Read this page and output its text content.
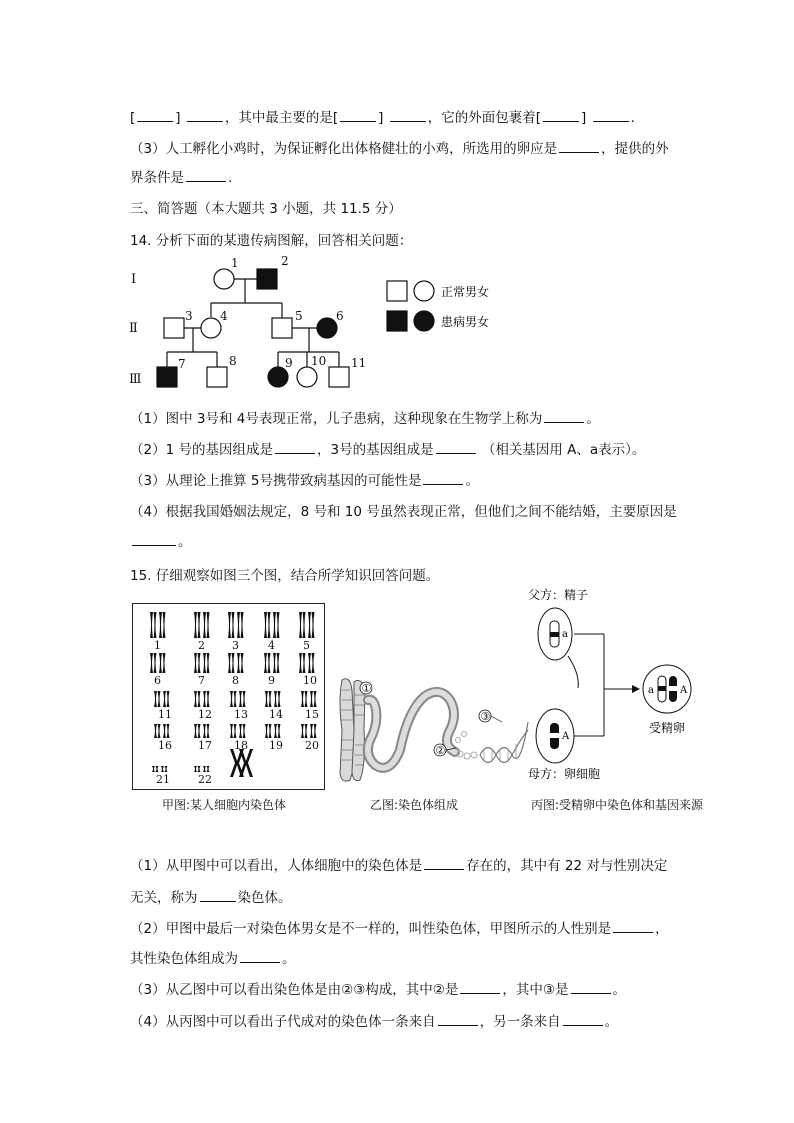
[	]	，其中最主要的是[	]	，它的外面包裹着[	]	.
（3）人工孵化小鸡时，为保证孵化出体格健壮的小鸡，所选用的卵应是	，提供的外
界条件是	.
三、简答题（本大题共 3 小题，共 11.5 分）
14. 分析下面的某遗传病图解，回答相关问题：
I
Ⅱ
Ⅲ
1	2
3 4	5	6
7	8	9 10 11
正常男女
患病男女
（1）图中 3号和 4号表现正常，儿子患病，这种现象在生物学上称为	。
（2）1 号的基因组成是	，3号的基因组成是	（相关基因用 A、a表示）。
（3）从理论上推算 5号携带致病基因的可能性是	。
（4）根据我国婚姻法规定，8 号和 10 号虽然表现正常，但他们之间不能结婚，主要原因是
。
15. 仔细观察如图三个图，结合所学知识回答问题。
1	2 3	4	5
6	7 8	9	10
11 12 13 14 15
16 17 18 19 20
21	22
甲图:某人细胞内染色体
①
②
③
乙图:染色体组成
父方：精子
a
A
母方：卵细胞
a	A
受精卵
丙图:受精卵中染色体和基因来源
（1）从甲图中可以看出，人体细胞中的染色体是	存在的，其中有 22 对与性别决定
无关，称为	染色体。
（2）甲图中最后一对染色体男女是不一样的，叫性染色体，甲图所示的人性别是	，
其性染色体组成为	。
（3）从乙图中可以看出染色体是由②③构成，其中②是	，其中③是	。
（4）从丙图中可以看出子代成对的染色体一条来自	，另一条来自	。
